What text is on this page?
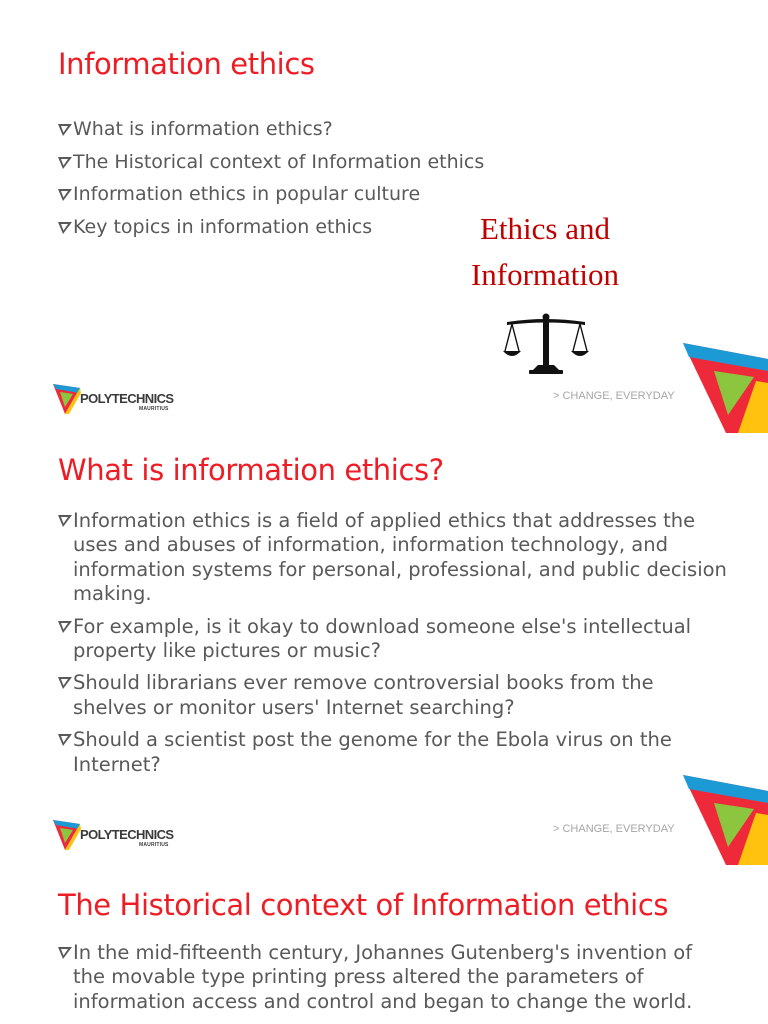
Information ethics
What is information ethics?
The Historical context of Information ethics
Information ethics in popular culture
Key topics in information ethics	Ethics and
Information
POLYTECHNICS
MAURITIUS
> CHANGE, EVERYDAY
What is information ethics?
Information ethics is a field of applied ethics that addresses the uses and abuses of information, information technology, and information systems for personal, professional, and public decision making.
For example, is it okay to download someone else's intellectual property like pictures or music?
Should librarians ever remove controversial books from the shelves or monitor users' Internet searching?
Should a scientist post the genome for the Ebola virus on the Internet?
POLYTECHNICS
MAURITIUS
> CHANGE, EVERYDAY
The Historical context of Information ethics
In the mid-fifteenth century, Johannes Gutenberg's invention of the movable type printing press altered the parameters of information access and control and began to change the world.
